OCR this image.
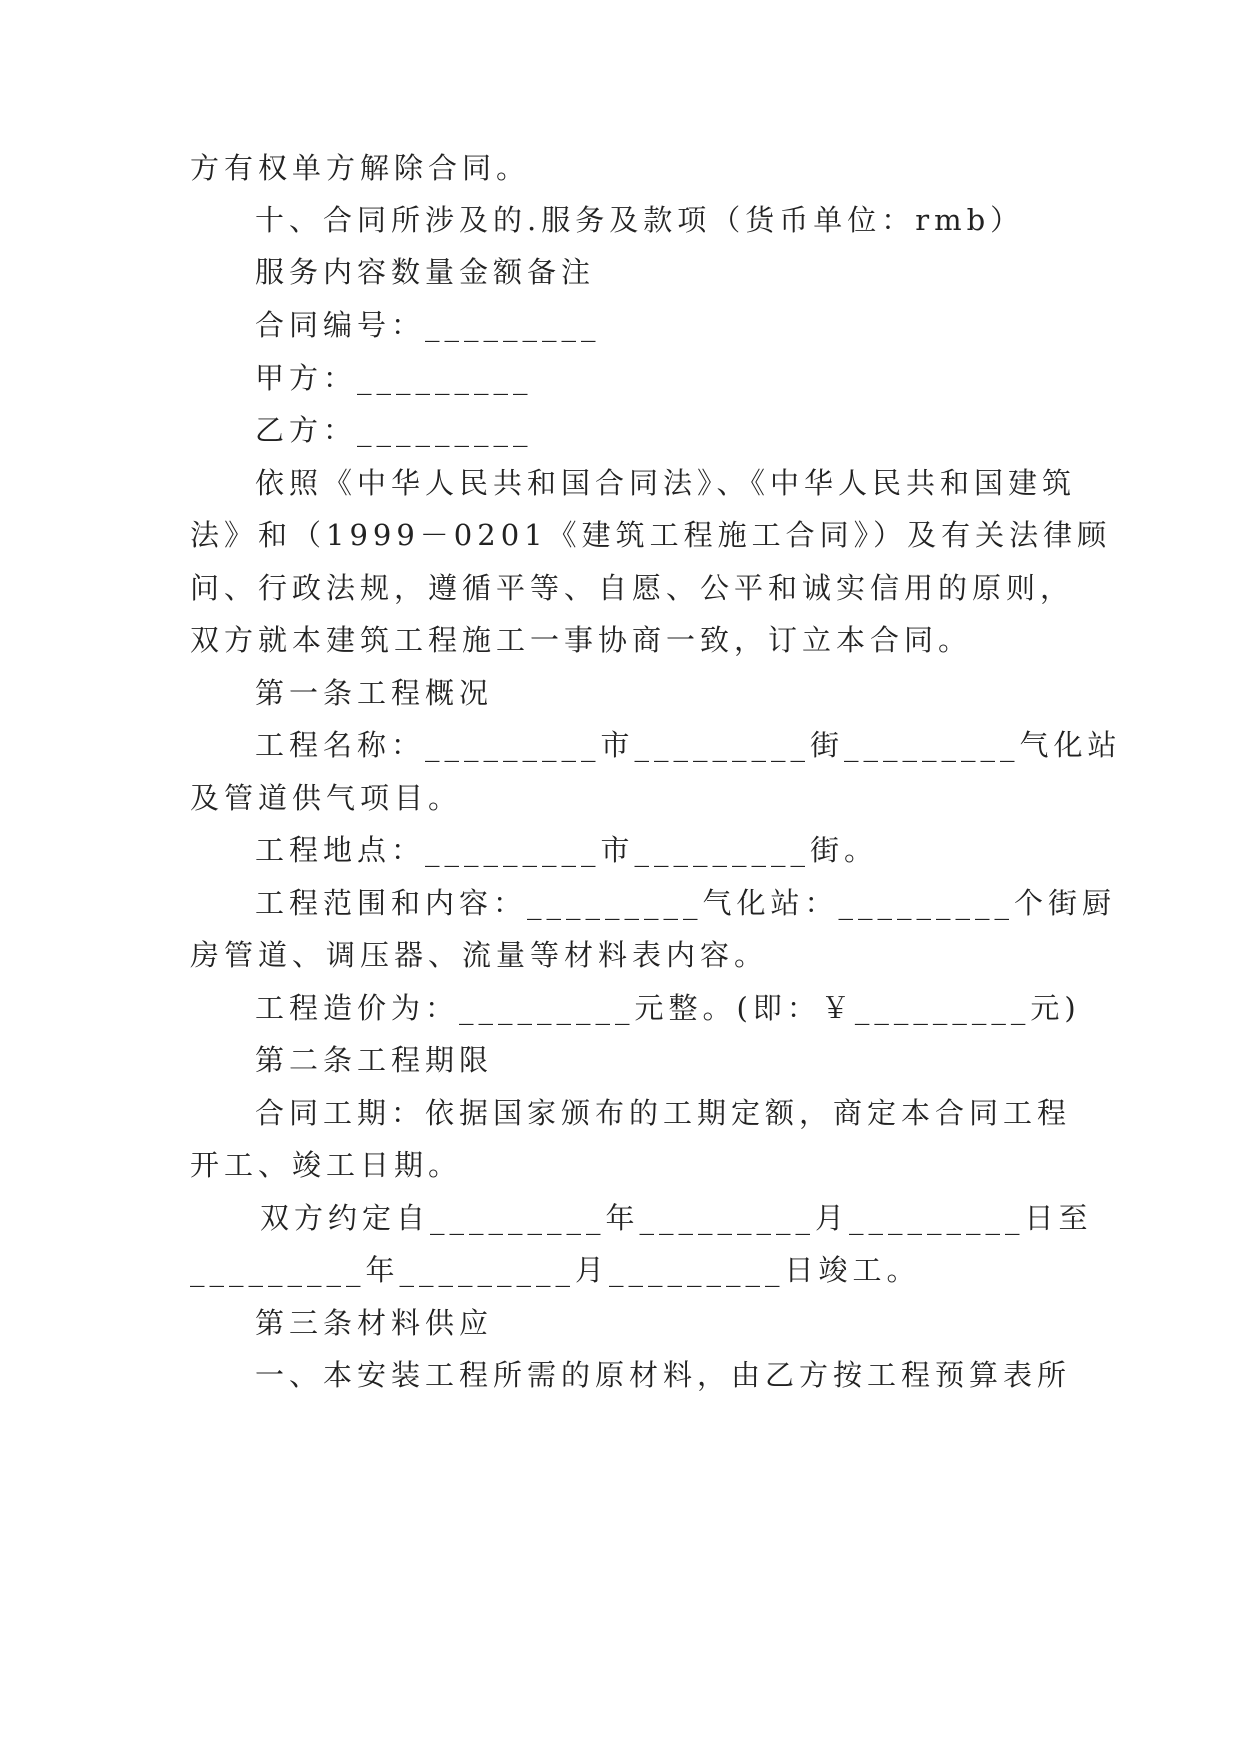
方有权单方解除合同。
十、合同所涉及的.服务及款项（货币单位：rmb）
服务内容数量金额备注
合同编号：_________
甲方：_________
乙方：_________
依照《中华人民共和国合同法》、《中华人民共和国建筑
法》和（1999－0201《建筑工程施工合同》）及有关法律顾
问、行政法规，遵循平等、自愿、公平和诚实信用的原则，
双方就本建筑工程施工一事协商一致，订立本合同。
第一条工程概况
工程名称：_________市_________街_________气化站
及管道供气项目。
工程地点：_________市_________街。
工程范围和内容：_________气化站：_________个街厨
房管道、调压器、流量等材料表内容。
工程造价为：_________元整。(即：￥_________元)
第二条工程期限
合同工期：依据国家颁布的工期定额，商定本合同工程
开工、竣工日期。
双方约定自_________年_________月_________日至
_________年_________月_________日竣工。
第三条材料供应
一、本安装工程所需的原材料，由乙方按工程预算表所
